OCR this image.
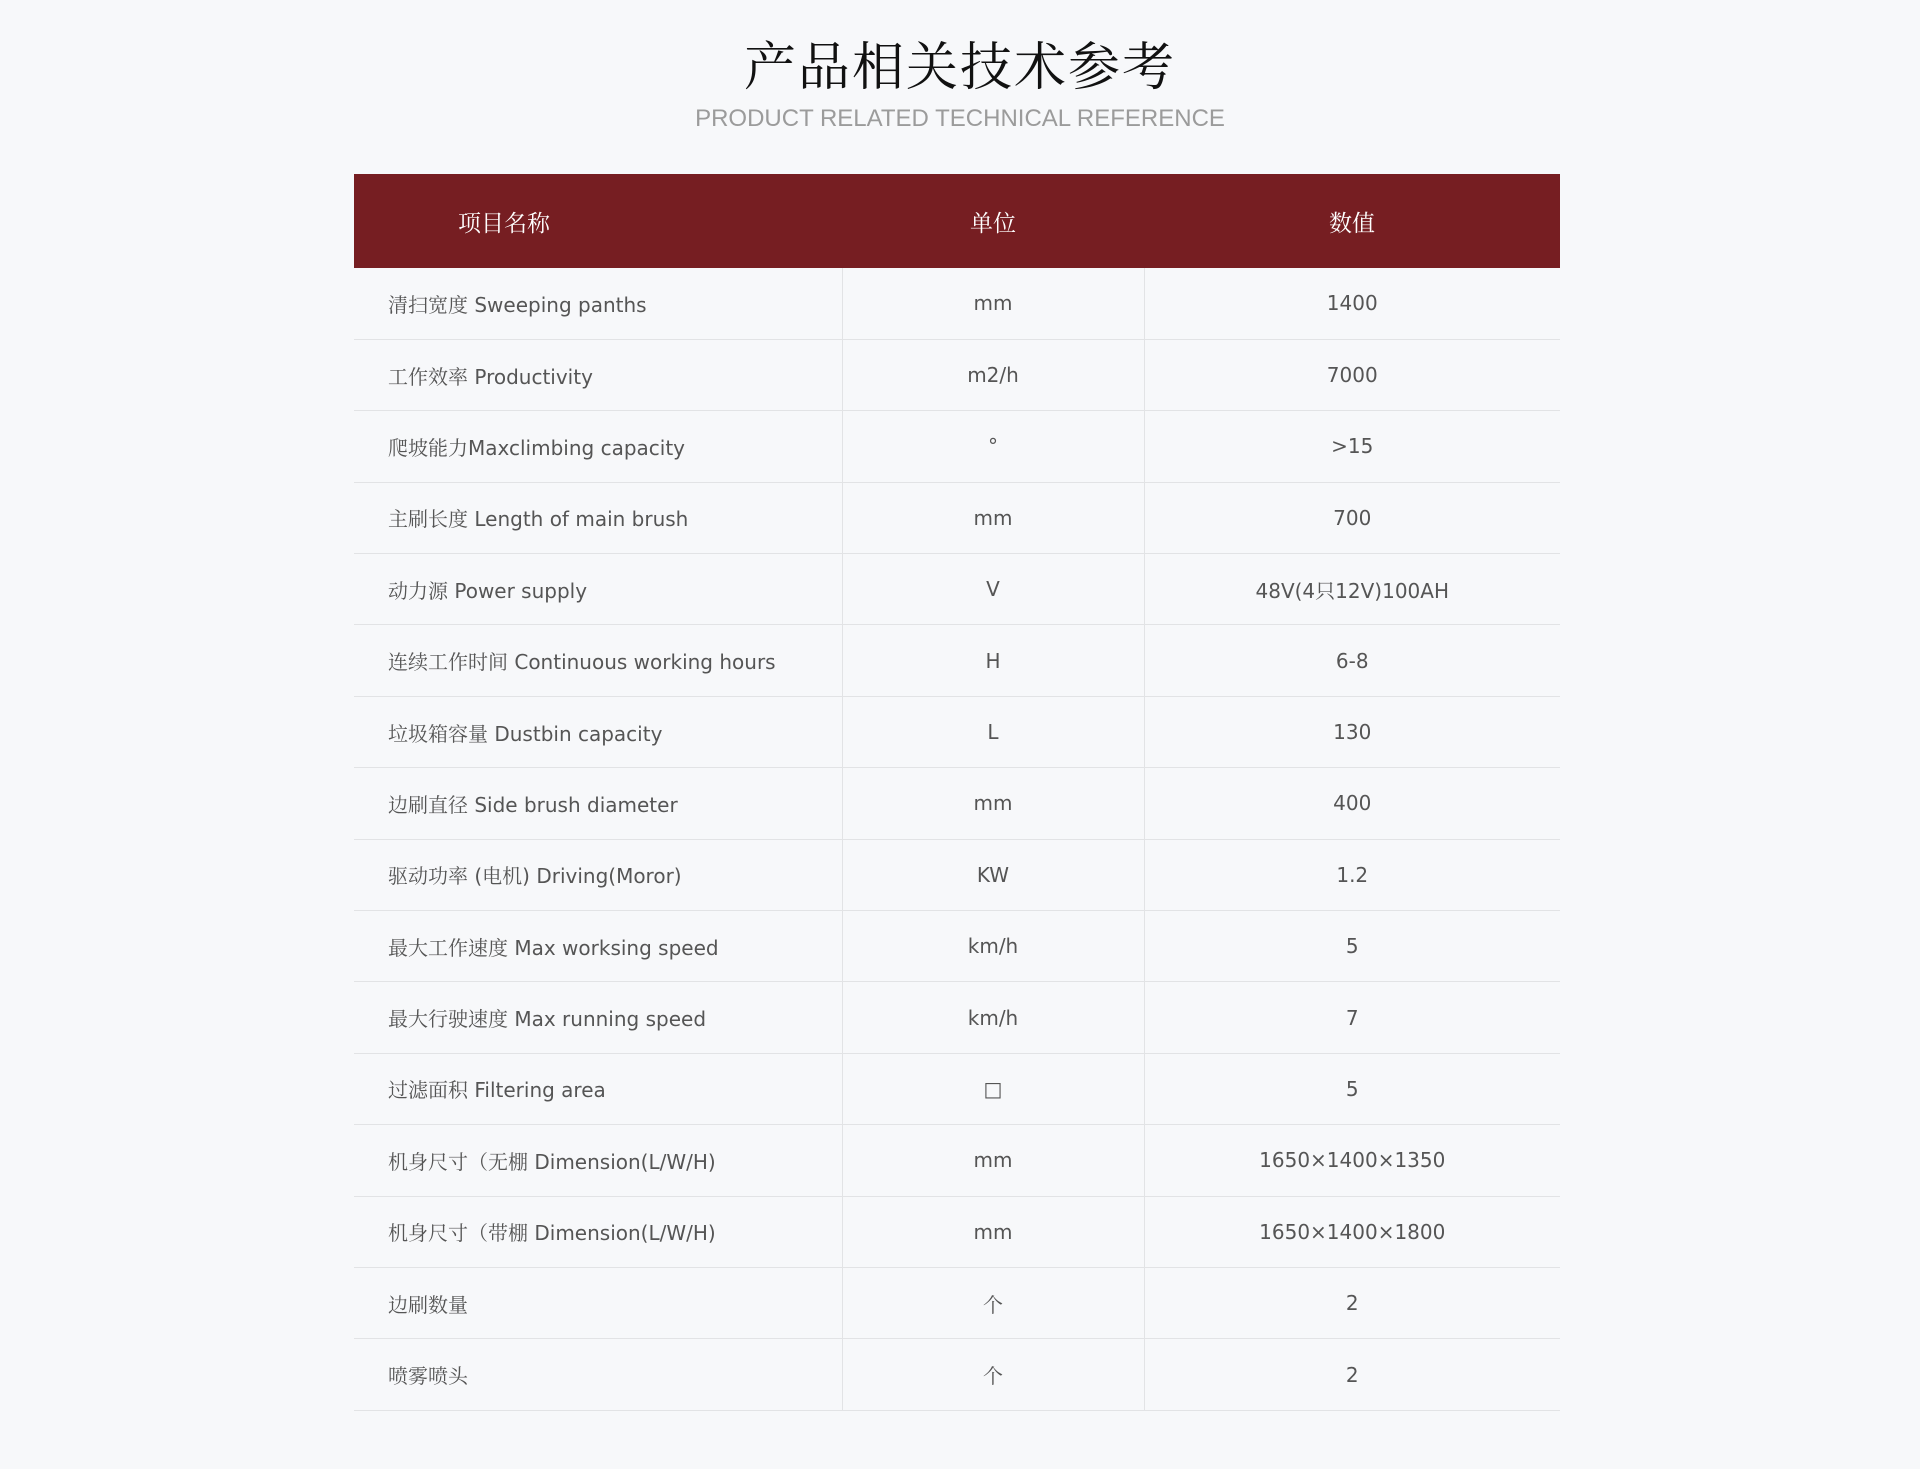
产品相关技术参考
PRODUCT RELATED TECHNICAL REFERENCE
项目名称	单位	数值
清扫宽度 Sweeping panths	mm	1400
工作效率 Productivity	m2/h	7000
爬坡能力Maxclimbing capacity	°	>15
主刷长度 Length of main brush	mm	700
动力源 Power supply	V	48V(4只12V)100AH
连续工作时间 Continuous working hours	H	6-8
垃圾箱容量 Dustbin capacity	L	130
边刷直径 Side brush diameter	mm	400
驱动功率 (电机) Driving(Moror)	KW	1.2
最大工作速度 Max worksing speed	km/h	5
最大行驶速度 Max running speed	km/h	7
过滤面积 Filtering area	□	5
机身尺寸（无棚 Dimension(L/W/H)	mm	1650×1400×1350
机身尺寸（带棚 Dimension(L/W/H)	mm	1650×1400×1800
边刷数量	个	2
喷雾喷头	个	2
